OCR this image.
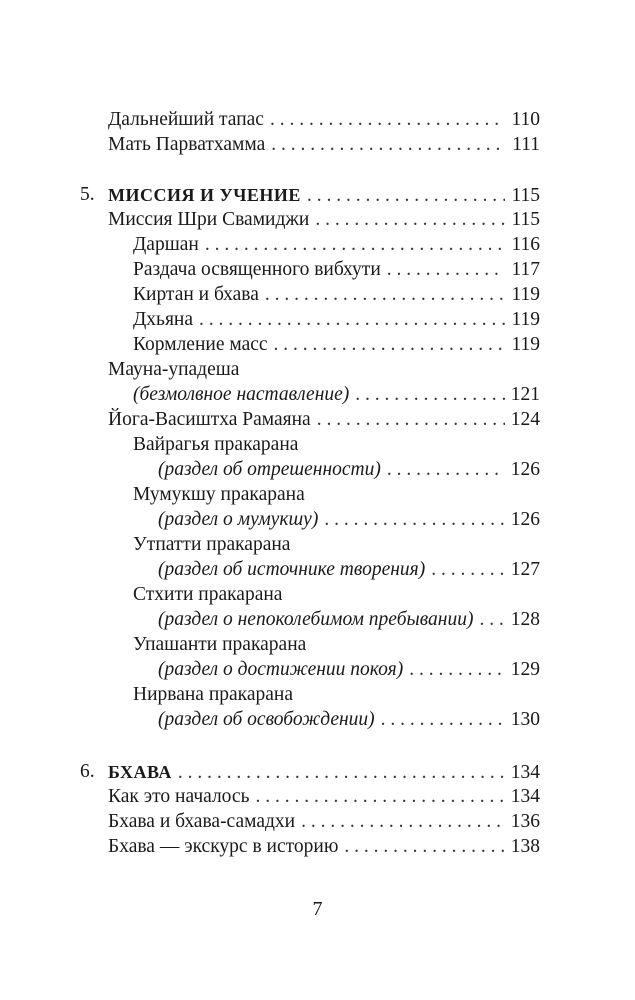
Дальнейший тапас . . .	110
Мать Парватхамма . . .	111
5. МИССИЯ И УЧЕНИЕ . . .	115
Миссия Шри Свамиджи . . .	115
Даршан . . .	116
Раздача освященного вибхути . . .	117
Киртан и бхава . . .	119
Дхьяна . . .	119
Кормление масс . . .	119
Мауна-упадеша
(безмолвное наставление) . . .	121
Йога-Васиштха Рамаяна . . .	124
Вайрагья пракарана
(раздел об отрешенности) . . .	126
Мумукшу пракарана
(раздел о мумукшу) . . .	126
Утпатти пракарана
(раздел об источнике творения) . . .	127
Стхити пракарана
(раздел о непоколебимом пребывании) . . . 128
Упашанти пракарана
(раздел о достижении покоя) . . .	129
Нирвана пракарана
(раздел об освобождении) . . .	130
6. БХАВА . . .	134
Как это началось . . .	134
Бхава и бхава-самадхи . . .	136
Бхава — экскурс в историю . . .	138
7
